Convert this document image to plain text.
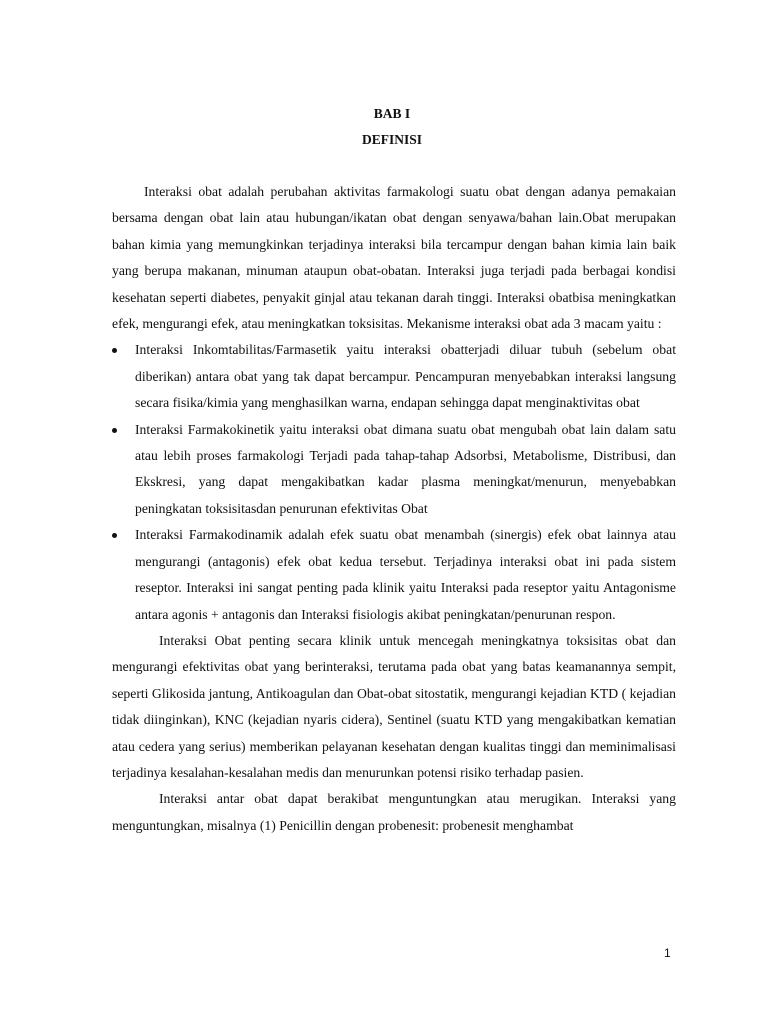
BAB I
DEFINISI

Interaksi obat adalah perubahan aktivitas farmakologi suatu obat dengan adanya pemakaian bersama dengan obat lain atau hubungan/ikatan obat dengan senyawa/bahan lain.Obat merupakan bahan kimia yang memungkinkan terjadinya interaksi bila tercampur dengan bahan kimia lain baik yang berupa makanan, minuman ataupun obat-obatan. Interaksi juga terjadi pada berbagai kondisi kesehatan seperti diabetes, penyakit ginjal atau tekanan darah tinggi. Interaksi obatbisa meningkatkan efek, mengurangi efek, atau meningkatkan toksisitas. Mekanisme interaksi obat ada 3 macam yaitu :

Interaksi Inkomtabilitas/Farmasetik yaitu interaksi obatterjadi diluar tubuh (sebelum obat diberikan) antara obat yang tak dapat bercampur. Pencampuran menyebabkan interaksi langsung secara fisika/kimia yang menghasilkan warna, endapan sehingga dapat menginaktivitas obat
Interaksi Farmakokinetik yaitu interaksi obat dimana suatu obat mengubah obat lain dalam satu atau lebih proses farmakologi Terjadi pada tahap-tahap Adsorbsi, Metabolisme, Distribusi, dan Ekskresi, yang dapat mengakibatkan kadar plasma meningkat/menurun, menyebabkan peningkatan toksisitasdan penurunan efektivitas Obat
Interaksi Farmakodinamik adalah efek suatu obat menambah (sinergis) efek obat lainnya atau mengurangi (antagonis) efek obat kedua tersebut. Terjadinya interaksi obat ini pada sistem reseptor. Interaksi ini sangat penting pada klinik yaitu Interaksi pada reseptor yaitu Antagonisme antara agonis + antagonis dan Interaksi fisiologis akibat peningkatan/penurunan respon.

Interaksi Obat penting secara klinik untuk mencegah meningkatnya toksisitas obat dan mengurangi efektivitas obat yang berinteraksi, terutama pada obat yang batas keamanannya sempit, seperti Glikosida jantung, Antikoagulan dan Obat-obat sitostatik, mengurangi kejadian KTD ( kejadian tidak diinginkan), KNC (kejadian nyaris cidera), Sentinel (suatu KTD yang mengakibatkan kematian atau cedera yang serius) memberikan pelayanan kesehatan dengan kualitas tinggi dan meminimalisasi terjadinya kesalahan-kesalahan medis dan menurunkan potensi risiko terhadap pasien.

Interaksi antar obat dapat berakibat menguntungkan atau merugikan. Interaksi yang menguntungkan, misalnya (1) Penicillin dengan probenesit: probenesit menghambat

1
